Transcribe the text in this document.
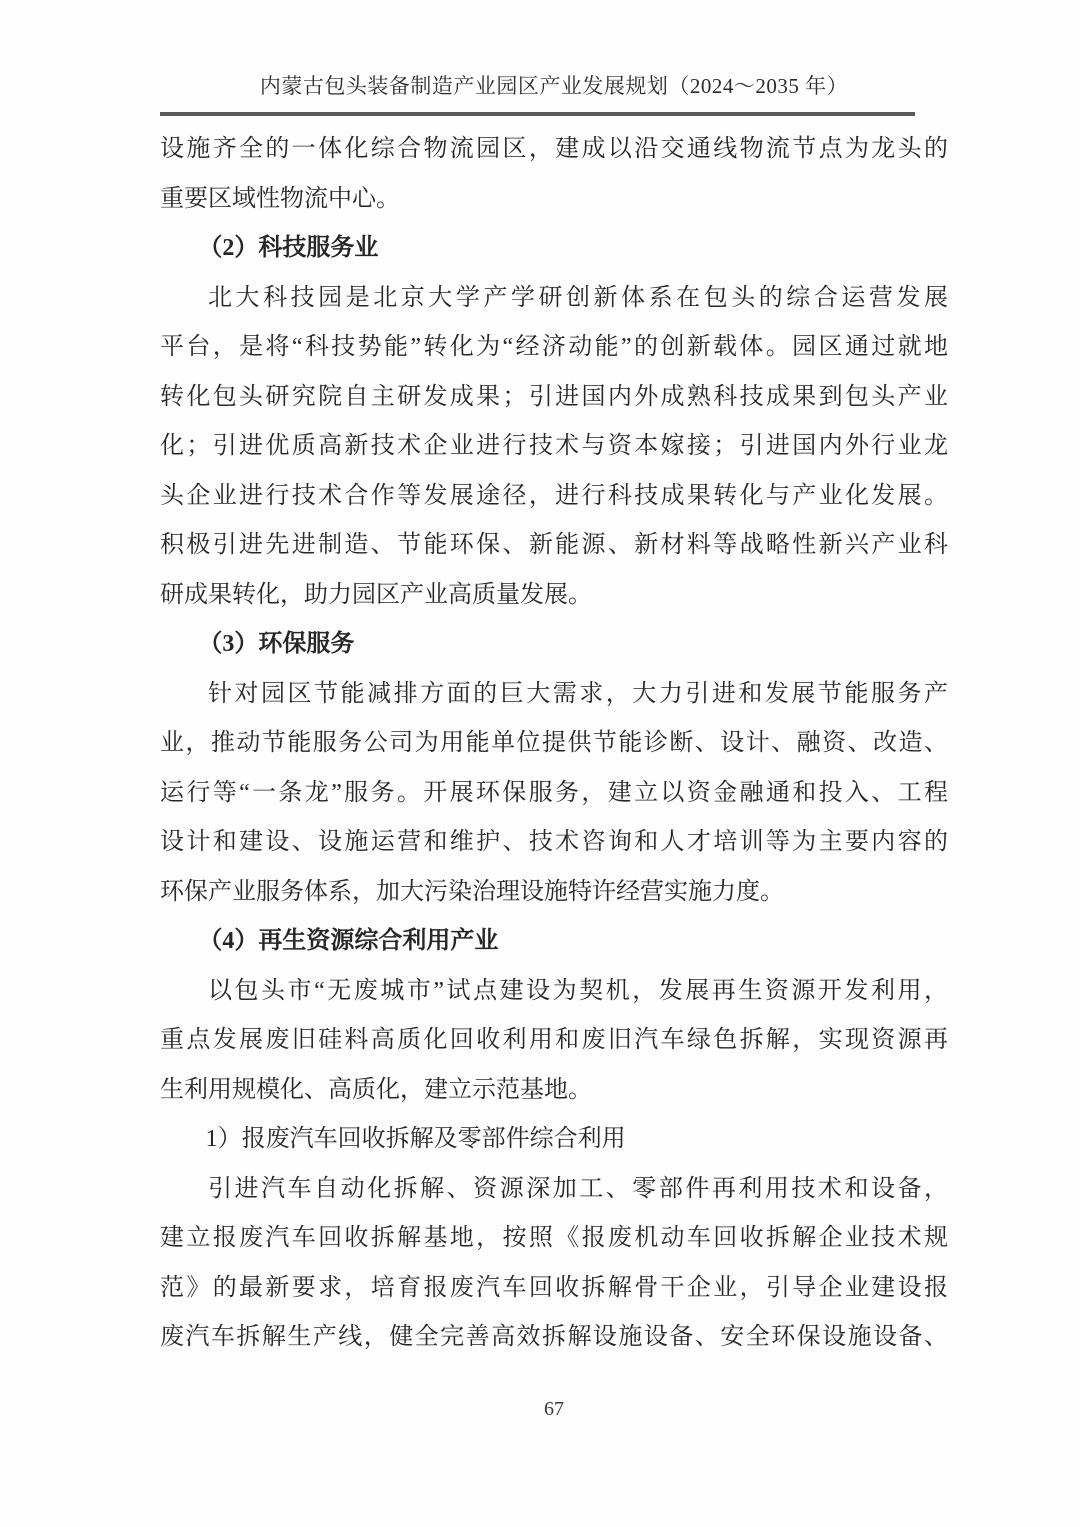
内蒙古包头装备制造产业园区产业发展规划（2024～2035 年）
设施齐全的一体化综合物流园区，建成以沿交通线物流节点为龙头的
重要区域性物流中心。
（2）科技服务业
北大科技园是北京大学产学研创新体系在包头的综合运营发展
平台，是将“科技势能”转化为“经济动能”的创新载体。园区通过就地
转化包头研究院自主研发成果；引进国内外成熟科技成果到包头产业
化；引进优质高新技术企业进行技术与资本嫁接；引进国内外行业龙
头企业进行技术合作等发展途径，进行科技成果转化与产业化发展。
积极引进先进制造、节能环保、新能源、新材料等战略性新兴产业科
研成果转化，助力园区产业高质量发展。
（3）环保服务
针对园区节能减排方面的巨大需求，大力引进和发展节能服务产
业，推动节能服务公司为用能单位提供节能诊断、设计、融资、改造、
运行等“一条龙”服务。开展环保服务，建立以资金融通和投入、工程
设计和建设、设施运营和维护、技术咨询和人才培训等为主要内容的
环保产业服务体系，加大污染治理设施特许经营实施力度。
（4）再生资源综合利用产业
以包头市“无废城市”试点建设为契机，发展再生资源开发利用，
重点发展废旧硅料高质化回收利用和废旧汽车绿色拆解，实现资源再
生利用规模化、高质化，建立示范基地。
1）报废汽车回收拆解及零部件综合利用
引进汽车自动化拆解、资源深加工、零部件再利用技术和设备，
建立报废汽车回收拆解基地，按照《报废机动车回收拆解企业技术规
范》的最新要求，培育报废汽车回收拆解骨干企业，引导企业建设报
废汽车拆解生产线，健全完善高效拆解设施设备、安全环保设施设备、
67
